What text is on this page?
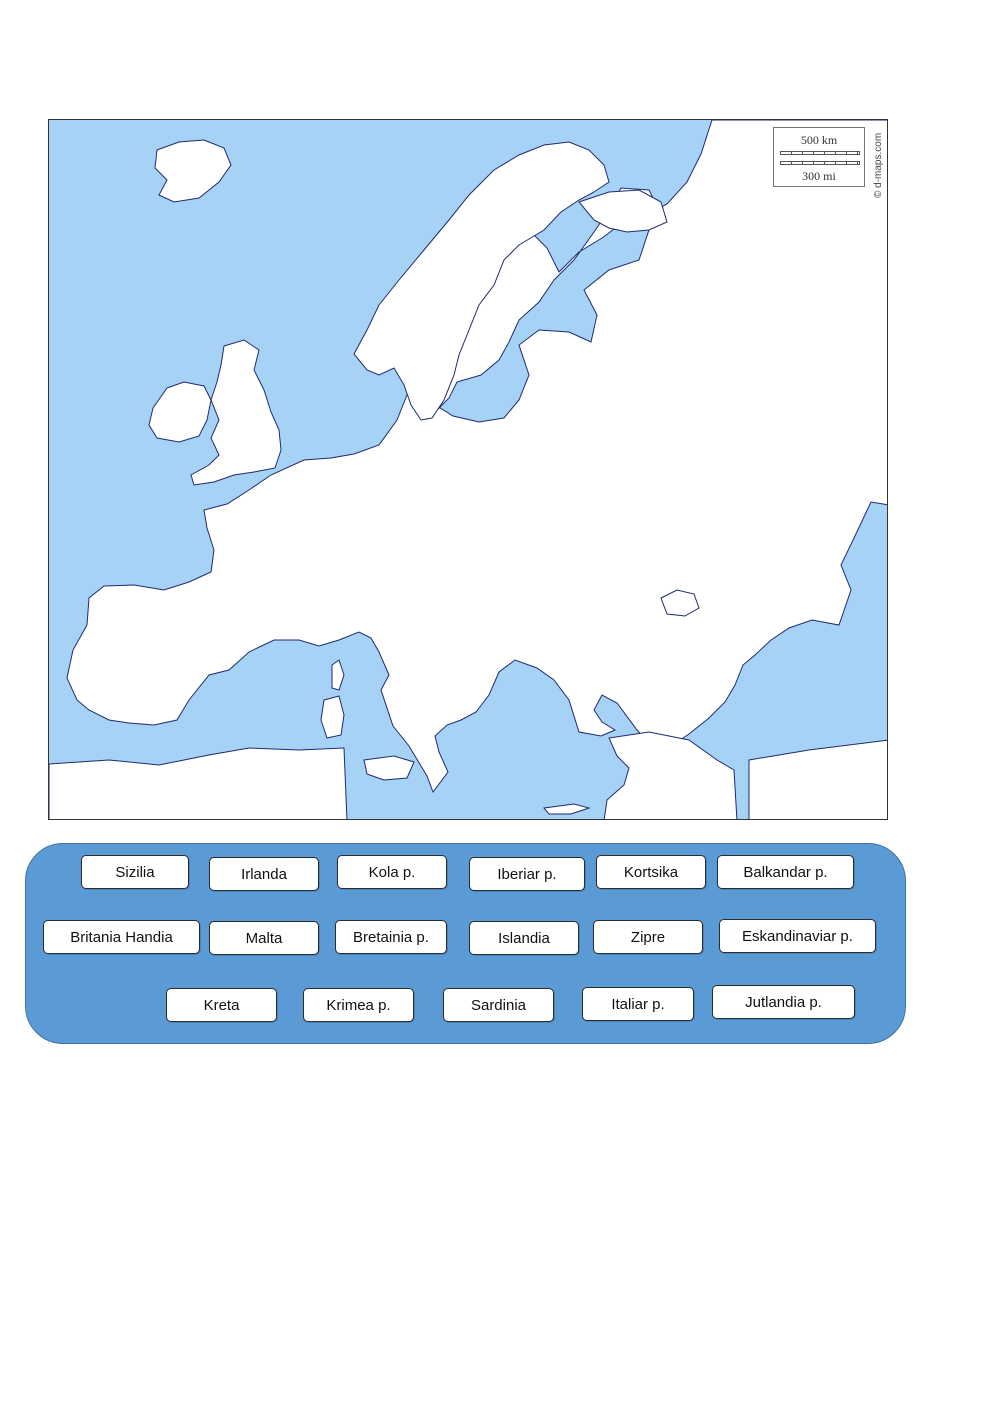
500 km
300 mi	© d-maps.com
Sizilia	Irlanda	Kola p.	Iberiar p.	Kortsika	Balkandar p.
Britania Handia	Malta	Bretainia p.	Islandia	Zipre	Eskandinaviar p.
Kreta	Krimea p.	Sardinia	Italiar p.	Jutlandia p.
